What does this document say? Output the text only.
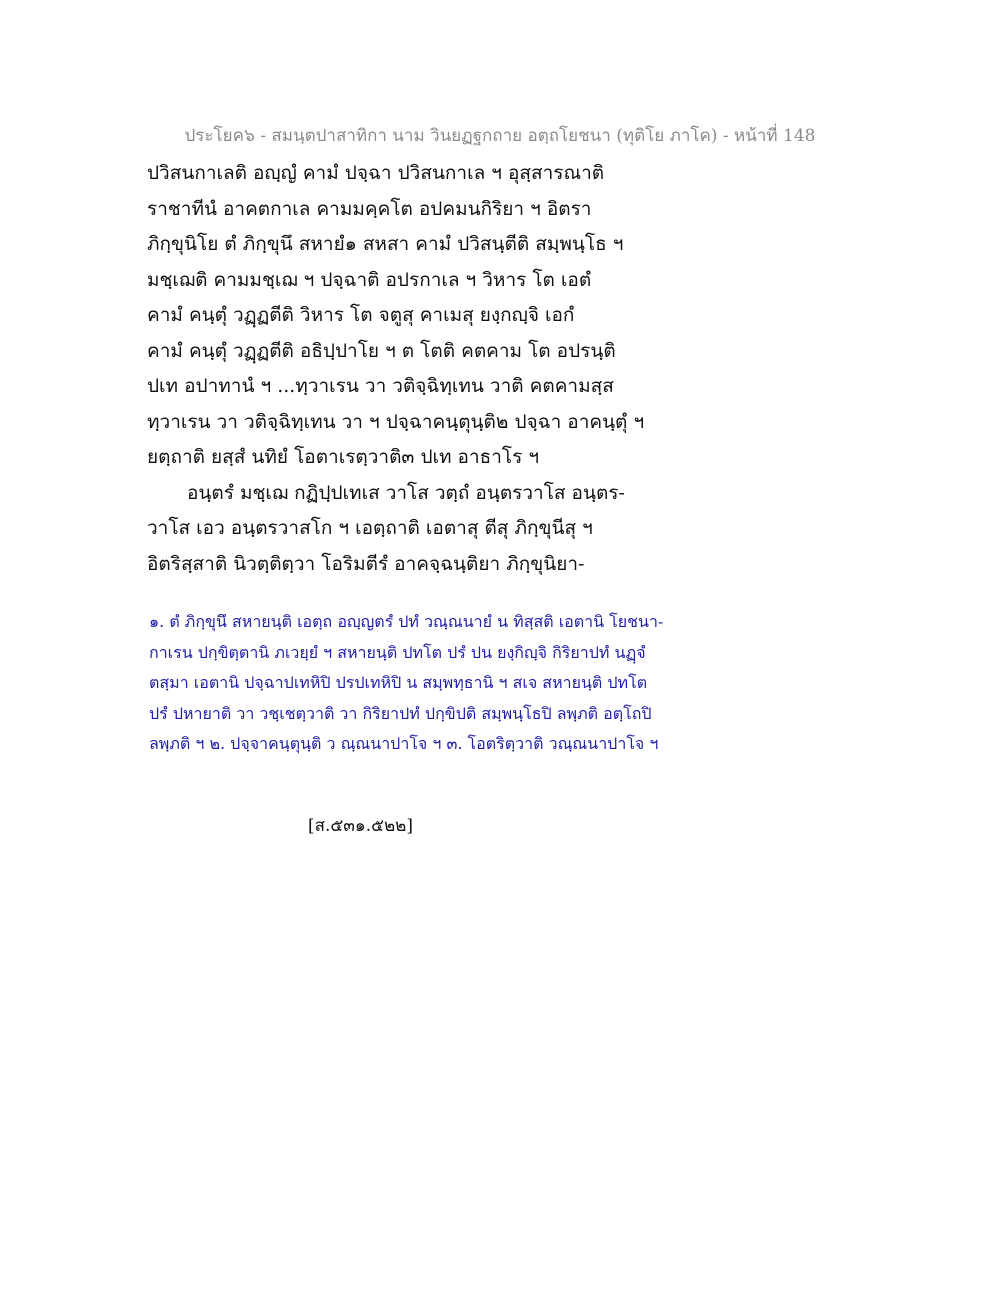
ประโยค๖ - สมนฺตปาสาทิกา นาม วินยฏฐกถาย อตฺถโยชนา (ทุติโย ภาโค) - หน้าที่ 148
ปวิสนกาเลติ อญฺญํ คามํ ปจฺฉา ปวิสนกาเล ฯ อุสฺสารณาติ
ราชาทีนํ อาคตกาเล คามมคฺคโต อปคมนกิริยา ฯ อิตรา
ภิกฺขุนิโย ตํ ภิกฺขุนึ สหายํ๑ สหสา คามํ ปวิสนฺตีติ สมฺพนฺโธ ฯ
มชฺเฌติ คามมชฺเฌ ฯ ปจฺฉาติ อปรกาเล ฯ วิหาร โต เอตํ
คามํ คนฺตุํ วฏฺฏตีติ วิหาร โต จตูสุ คาเมสุ ยงฺกญฺจิ เอกํ
คามํ คนฺตุํ วฏฺฏตีติ อธิปฺปาโย ฯ ต โตติ คตคาม โต อปรนฺติ
ปเท อปาทานํ ฯ ...ทฺวาเรน วา วติจฺฉิทฺเทน วาติ คตคามสฺส
ทฺวาเรน วา วติจฺฉิทฺเทน วา ฯ ปจฺฉาคนฺตุนฺติ๒ ปจฺฉา อาคนฺตุํ ฯ
ยตฺถาติ ยสฺสํ นทิยํ โอตาเรตฺวาติ๓ ปเท อาธาโร ฯ
อนฺตรํ มชฺเฌ กฏิปฺปเทเส วาโส วตฺถํ อนฺตรวาโส อนฺตร-
วาโส เอว อนฺตรวาสโก ฯ เอตฺถาติ เอตาสุ ตีสุ ภิกฺขุนีสุ ฯ
อิตริสฺสาติ นิวตฺติตฺวา โอริมตีรํ อาคจฺฉนฺติยา ภิกฺขุนิยา-
๑. ตํ ภิกฺขุนึ สหายนฺติ เอตฺถ อญฺญตรํ ปทํ วณฺณนายํ น ทิสฺสติ เอตานิ โยชนา-
กาเรน ปกฺขิตฺตานิ ภเวยฺยํ ฯ สหายนฺติ ปทโต ปรํ ปน ยงฺกิญฺจิ กิริยาปทํ นฏฺจํ
ตสฺมา เอตานิ ปจฺฉาปเทหิปิ ปรปเทหิปิ น สมฺพทฺธานิ ฯ สเจ สหายนฺติ ปทโต
ปรํ ปหายาติ วา วชฺเชตฺวาติ วา กิริยาปทํ ปกฺขิปติ สมฺพนฺโธปิ ลพฺภติ อตฺโถปิ
ลพฺภติ ฯ ๒. ปจฺจาคนฺตุนฺติ ว ณฺณนาปาโจ ฯ ๓. โอตริตฺวาติ วณฺณนาปาโจ ฯ
[ส.๕๓๑.๕๒๒]
